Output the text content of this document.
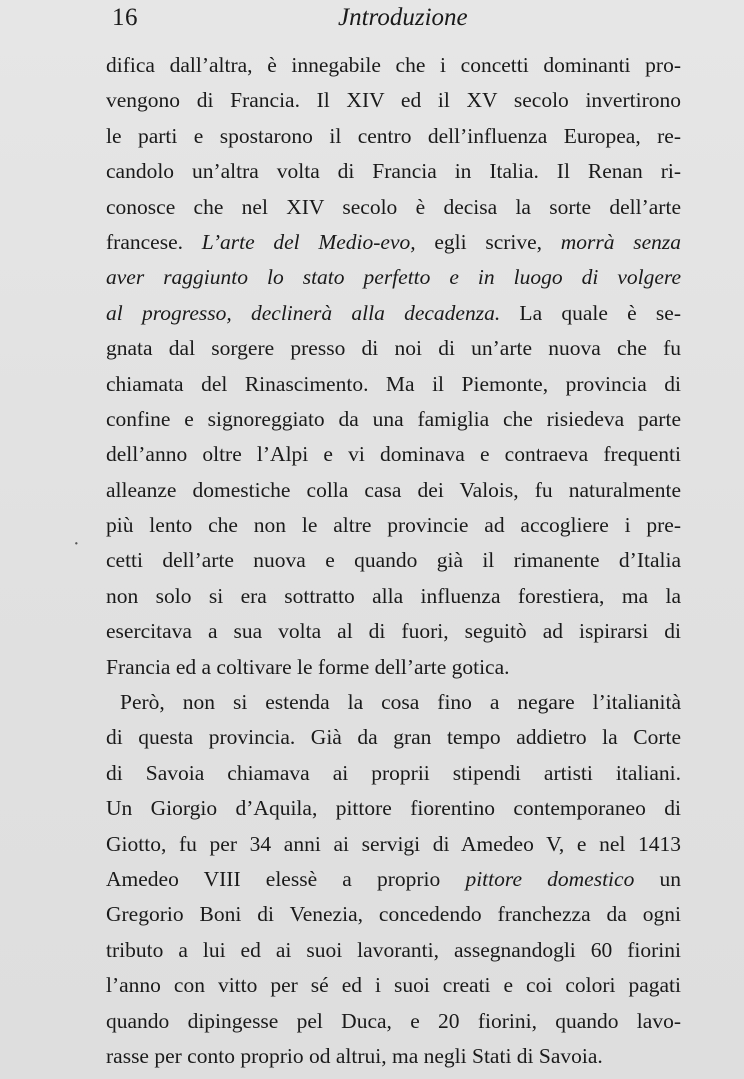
16	Jntroduzione
·
difica dall’altra, è innegabile che i concetti dominanti pro-
vengono di Francia. Il XIV ed il XV secolo invertirono
le parti e spostarono il centro dell’influenza Europea, re-
candolo un’altra volta di Francia in Italia. Il Renan ri-
conosce che nel XIV secolo è decisa la sorte dell’arte
francese. L’arte del Medio-evo, egli scrive, morrà senza
aver raggiunto lo stato perfetto e in luogo di volgere
al progresso, declinerà alla decadenza. La quale è se-
gnata dal sorgere presso di noi di un’arte nuova che fu
chiamata del Rinascimento. Ma il Piemonte, provincia di
confine e signoreggiato da una famiglia che risiedeva parte
dell’anno oltre l’Alpi e vi dominava e contraeva frequenti
alleanze domestiche colla casa dei Valois, fu naturalmente
più lento che non le altre provincie ad accogliere i pre-
cetti dell’arte nuova e quando già il rimanente d’Italia
non solo si era sottratto alla influenza forestiera, ma la
esercitava a sua volta al di fuori, seguitò ad ispirarsi di
Francia ed a coltivare le forme dell’arte gotica.
Però, non si estenda la cosa fino a negare l’italianità
di questa provincia. Già da gran tempo addietro la Corte
di Savoia chiamava ai proprii stipendi artisti italiani.
Un Giorgio d’Aquila, pittore fiorentino contemporaneo di
Giotto, fu per 34 anni ai servigi di Amedeo V, e nel 1413
Amedeo VIII elessè a proprio pittore domestico un
Gregorio Boni di Venezia, concedendo franchezza da ogni
tributo a lui ed ai suoi lavoranti, assegnandogli 60 fiorini
l’anno con vitto per sé ed i suoi creati e coi colori pagati
quando dipingesse pel Duca, e 20 fiorini, quando lavo-
rasse per conto proprio od altrui, ma negli Stati di Savoia.
